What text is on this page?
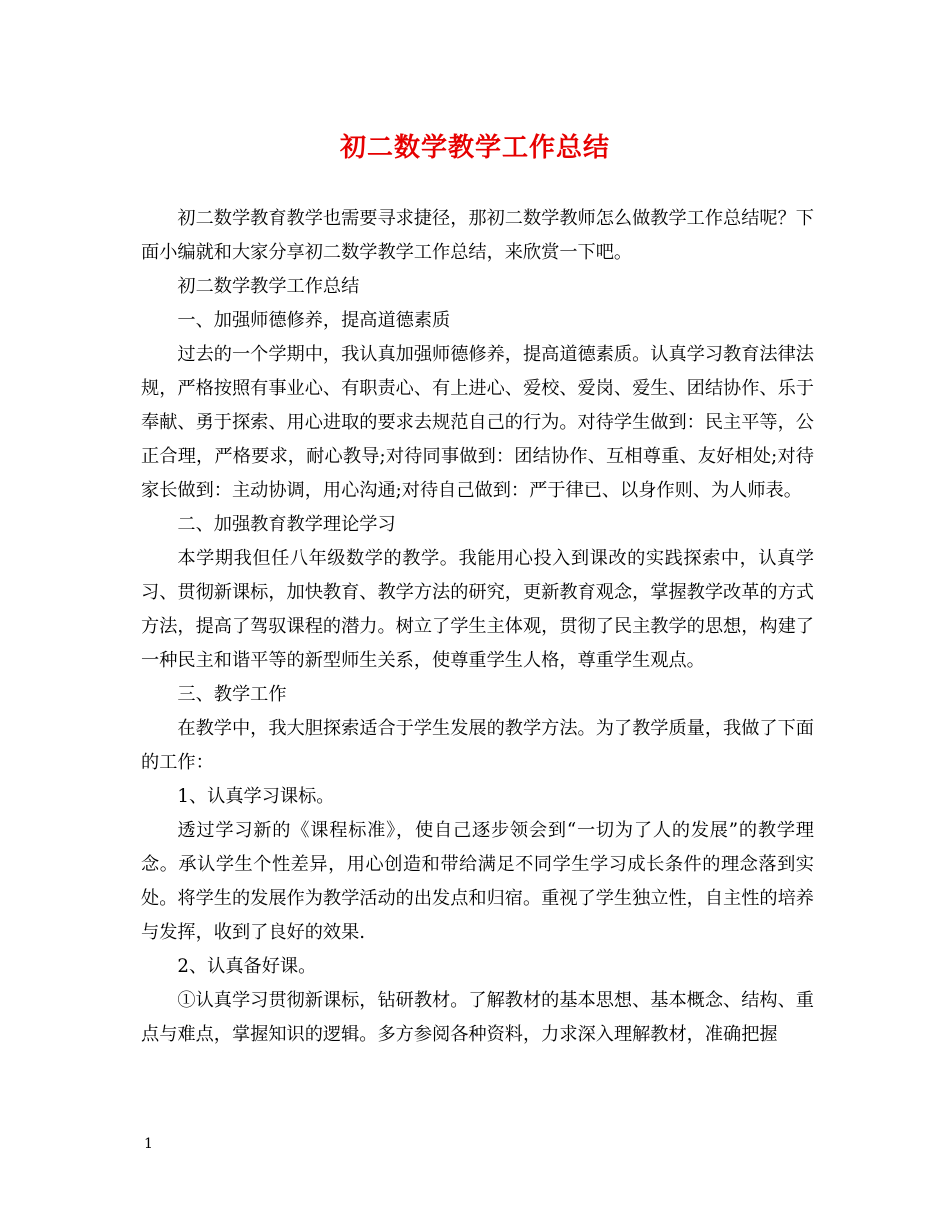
初二数学教学工作总结

初二数学教育教学也需要寻求捷径，那初二数学教师怎么做教学工作总结呢？下面小编就和大家分享初二数学教学工作总结，来欣赏一下吧。

初二数学教学工作总结

一、加强师德修养，提高道德素质

过去的一个学期中，我认真加强师德修养，提高道德素质。认真学习教育法律法规，严格按照有事业心、有职责心、有上进心、爱校、爱岗、爱生、团结协作、乐于奉献、勇于探索、用心进取的要求去规范自己的行为。对待学生做到：民主平等，公正合理，严格要求，耐心教导;对待同事做到：团结协作、互相尊重、友好相处;对待家长做到：主动协调，用心沟通;对待自己做到：严于律已、以身作则、为人师表。

二、加强教育教学理论学习

本学期我但任八年级数学的教学。我能用心投入到课改的实践探索中，认真学习、贯彻新课标，加快教育、教学方法的研究，更新教育观念，掌握教学改革的方式方法，提高了驾驭课程的潜力。树立了学生主体观，贯彻了民主教学的思想，构建了一种民主和谐平等的新型师生关系，使尊重学生人格，尊重学生观点。

三、教学工作

在教学中，我大胆探索适合于学生发展的教学方法。为了教学质量，我做了下面的工作：

1、认真学习课标。

透过学习新的《课程标准》，使自己逐步领会到“一切为了人的发展”的教学理念。承认学生个性差异，用心创造和带给满足不同学生学习成长条件的理念落到实处。将学生的发展作为教学活动的出发点和归宿。重视了学生独立性，自主性的培养与发挥，收到了良好的效果.

2、认真备好课。

①认真学习贯彻新课标，钻研教材。了解教材的基本思想、基本概念、结构、重点与难点，掌握知识的逻辑。多方参阅各种资料，力求深入理解教材，准确把握

1
